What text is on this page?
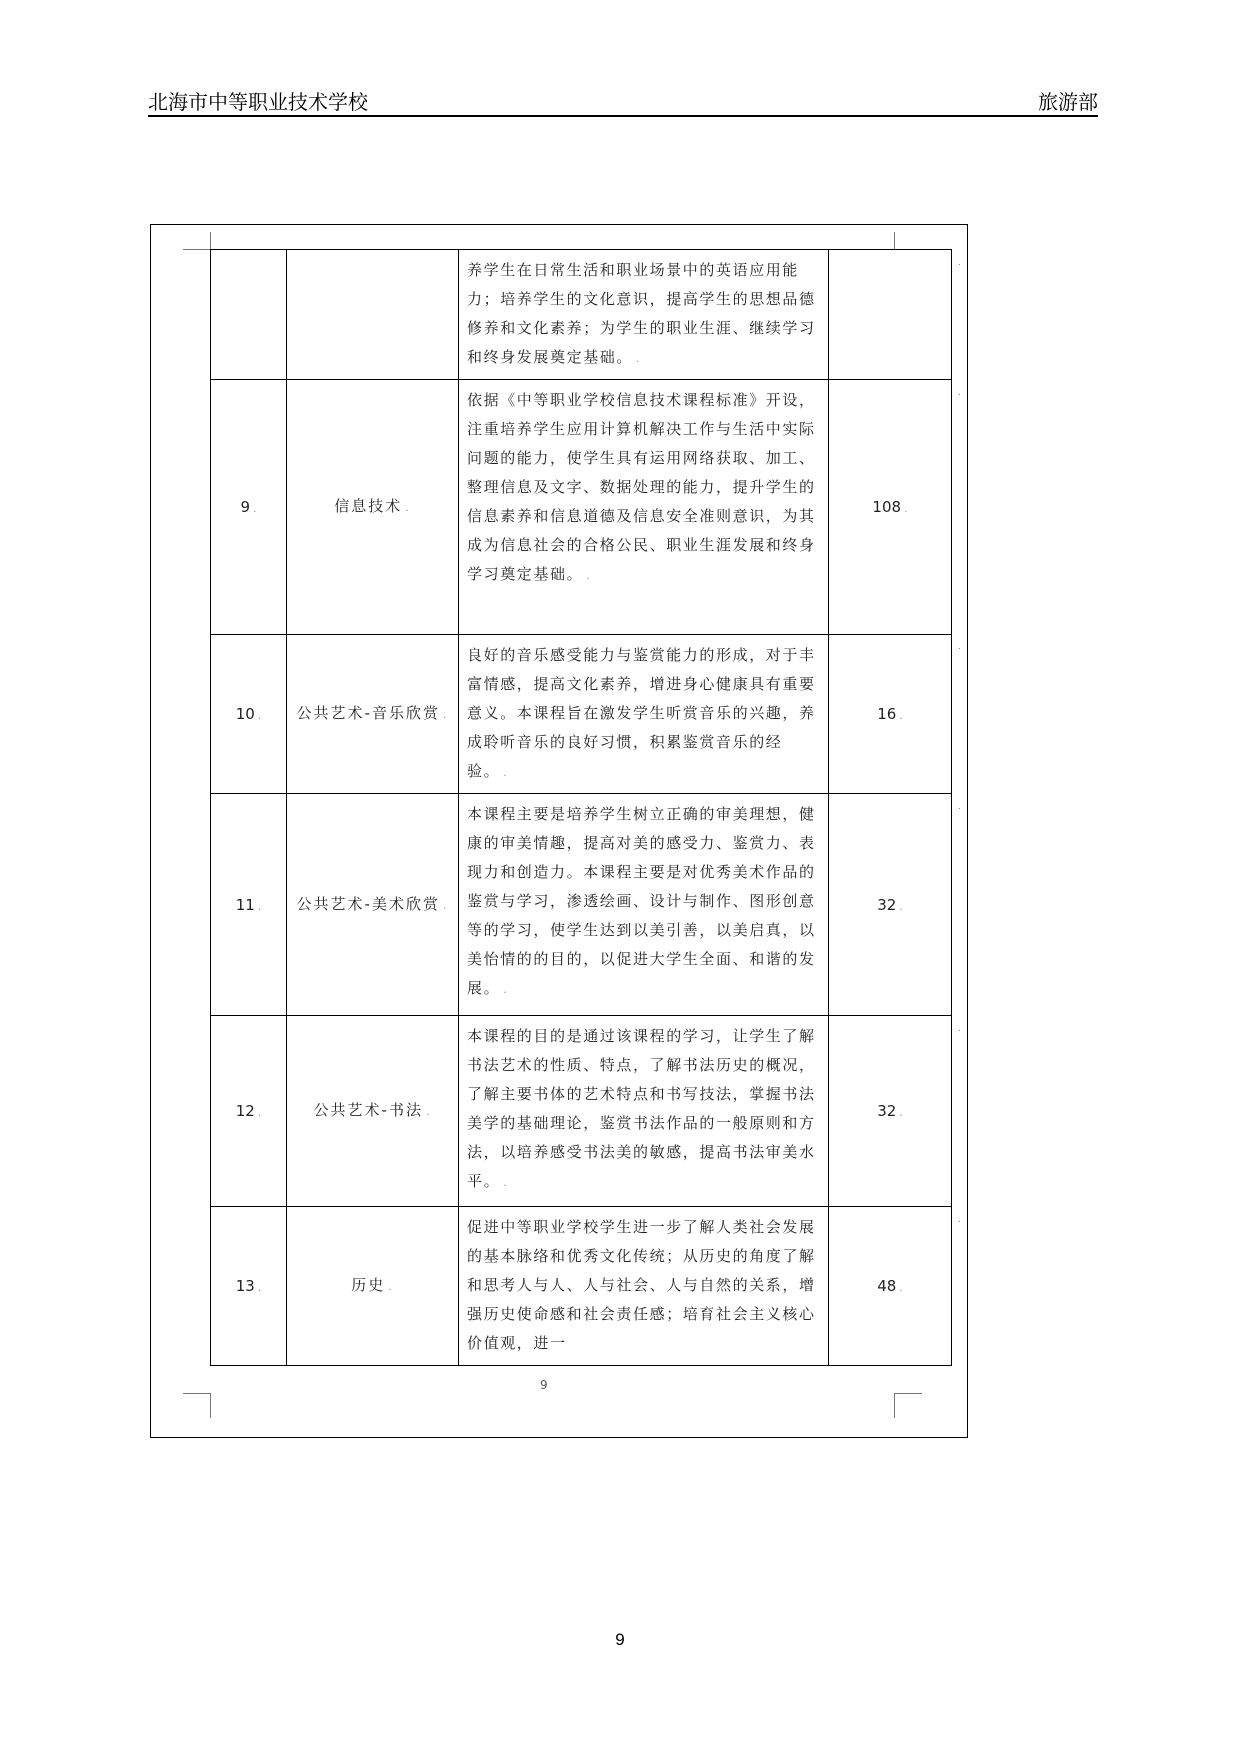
北海市中等职业技术学校	旅游部
		养学生在日常生活和职业场景中的英语应用能力；培养学生的文化意识，提高学生的思想品德修养和文化素养；为学生的职业生涯、继续学习和终身发展奠定基础。 .	
9 .	信息技术 .	依据《中等职业学校信息技术课程标准》开设，注重培养学生应用计算机解决工作与生活中实际问题的能力，使学生具有运用网络获取、加工、整理信息及文字、数据处理的能力，提升学生的信息素养和信息道德及信息安全准则意识，为其成为信息社会的合格公民、职业生涯发展和终身学习奠定基础。 .	108 .
10 .	公共艺术-音乐欣赏 .	良好的音乐感受能力与鉴赏能力的形成，对于丰富情感，提高文化素养，增进身心健康具有重要意义。本课程旨在激发学生听赏音乐的兴趣，养成聆听音乐的良好习惯，积累鉴赏音乐的经验。 .	16 .
11 .	公共艺术-美术欣赏 .	本课程主要是培养学生树立正确的审美理想，健康的审美情趣，提高对美的感受力、鉴赏力、表现力和创造力。本课程主要是对优秀美术作品的鉴赏与学习，渗透绘画、设计与制作、图形创意等的学习，使学生达到以美引善，以美启真，以美怡情的的目的，以促进大学生全面、和谐的发展。 .	32 .
12 .	公共艺术-书法 .	本课程的目的是通过该课程的学习，让学生了解书法艺术的性质、特点，了解书法历史的概况，了解主要书体的艺术特点和书写技法，掌握书法美学的基础理论，鉴赏书法作品的一般原则和方法，以培养感受书法美的敏感，提高书法审美水平。 .	32 .
13 .	历史 .	促进中等职业学校学生进一步了解人类社会发展的基本脉络和优秀文化传统；从历史的角度了解和思考人与人、人与社会、人与自然的关系，增强历史使命感和社会责任感；培育社会主义核心价值观，进一	48 .
.
.
.
.
.
.
9
9
